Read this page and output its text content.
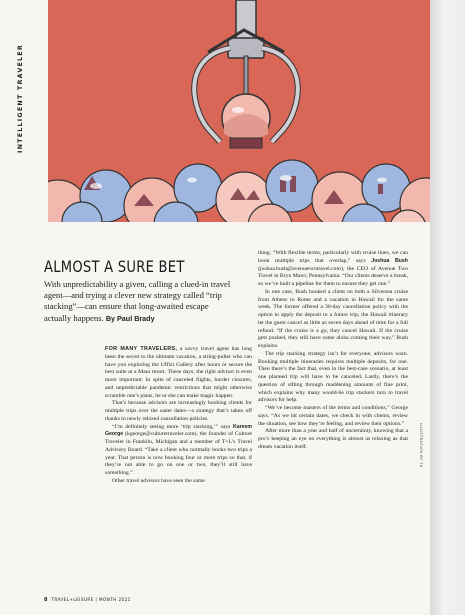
INTELLIGENT TRAVELER
ILLUSTRATION BY TK
ALMOST A SURE BET
With unpredictability a given, calling a clued-in travel agent—and trying a clever new strategy called “trip stacking”—can ensure that long-awaited escape actually happens. By Paul Brady

FOR MANY TRAVELERS, a savvy travel agent has long been the secret to the ultimate vacation, a string-puller who can have you exploring the Uffizi Gallery after hours or secure the best suite at a Maui resort. These days, the right advisor is even more important: In spite of canceled flights, border closures, and unpredictable pandemic restrictions that might otherwise scramble one’s plans, he or she can make magic happen.

That’s because advisors are increasingly booking clients for multiple trips over the same dates—a strategy that’s taken off thanks to newly relaxed cancellation policies.

“I’m definitely seeing more ‘trip stacking,’” says Kareem George (kgeorge@culturetraveler.com), the founder of Culture Traveler in Franklin, Michigan and a member of T+L’s Travel Advisory Board. “Take a client who normally books two trips a year. That person is now booking four or more trips so that, if they’re not able to go on one or two, they’ll still have something.”

Other travel advisors have seen the same

thing. “With flexible terms, particularly with cruise lines, we can book multiple trips that overlap,” says Joshua Bush (joshua.bush@avenuetwotravel.com), the CEO of Avenue Two Travel in Bryn Mawr, Pennsylvania. “Our clients deserve a break, so we’ve built a pipeline for them to ensure they get one.”

In one case, Bush booked a client on both a Silversea cruise from Athens to Rome and a vacation in Hawaii for the same week. The former offered a 30-day cancellation policy with the option to apply the deposit to a future trip; the Hawaii itinerary let the guest cancel as little as seven days ahead of time for a full refund. “If the cruise is a go, they cancel Hawaii. If the cruise gets pushed, they still have some aloha coming their way,” Bush explains.

The trip stacking strategy isn’t for everyone, advisors warn. Booking multiple itineraries requires multiple deposits, for one. Then there’s the fact that, even in the best-case scenario, at least one planned trip will have to be canceled. Lastly, there’s the question of sifting through maddening amounts of fine print, which explains why many would-be trip stackers turn to travel advisors for help.

“We’ve become masters of the terms and conditions,” George says. “As we hit certain dates, we check in with clients, review the situation, see how they’re feeling, and review their options.”

After more than a year and half of uncertainty, knowing that a pro’s keeping an eye on everything is almost as relaxing as that dream vacation itself.

8 TRAVEL+LEISURE | MONTH 2021
